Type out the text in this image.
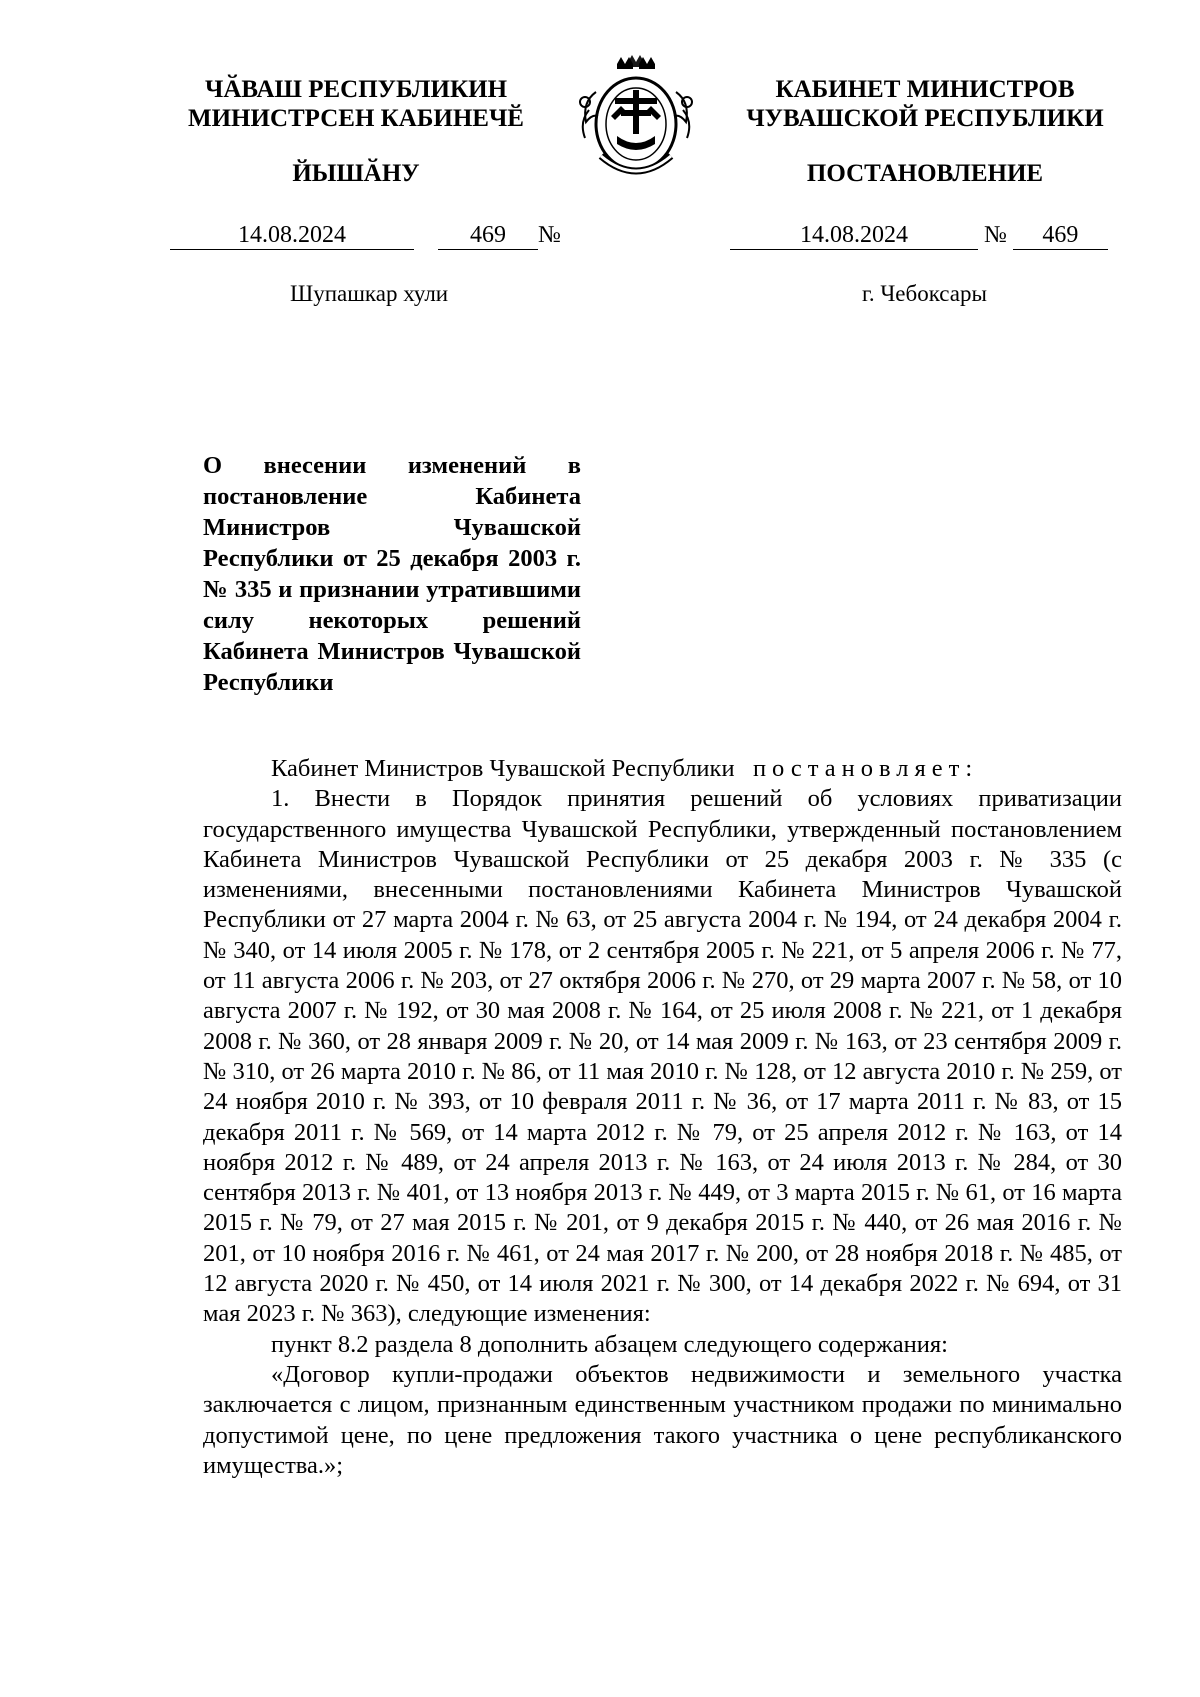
ЧӐВАШ РЕСПУБЛИКИН
МИНИСТРСЕН КАБИНЕЧӖ
ЙЫШӐНУ
КАБИНЕТ МИНИСТРОВ
ЧУВАШСКОЙ РЕСПУБЛИКИ
ПОСТАНОВЛЕНИЕ
14.08.2024	469 №	14.08.2024	№ 469
Шупашкар хули	г. Чебоксары
О внесении изменений в постановление Кабинета Министров Чувашской Республики от 25 декабря 2003 г. № 335 и признании утратившими силу некоторых решений Кабинета Министров Чувашской Республики

Кабинет Министров Чувашской Республики постановляет:

1. Внести в Порядок принятия решений об условиях приватизации государственного имущества Чувашской Республики, утвержденный постановлением Кабинета Министров Чувашской Республики от 25 декабря 2003 г. № 335 (с изменениями, внесенными постановлениями Кабинета Министров Чувашской Республики от 27 марта 2004 г. № 63, от 25 августа 2004 г. № 194, от 24 декабря 2004 г. № 340, от 14 июля 2005 г. № 178, от 2 сентября 2005 г. № 221, от 5 апреля 2006 г. № 77, от 11 августа 2006 г. № 203, от 27 октября 2006 г. № 270, от 29 марта 2007 г. № 58, от 10 августа 2007 г. № 192, от 30 мая 2008 г. № 164, от 25 июля 2008 г. № 221, от 1 декабря 2008 г. № 360, от 28 января 2009 г. № 20, от 14 мая 2009 г. № 163, от 23 сентября 2009 г. № 310, от 26 марта 2010 г. № 86, от 11 мая 2010 г. № 128, от 12 августа 2010 г. № 259, от 24 ноября 2010 г. № 393, от 10 февраля 2011 г. № 36, от 17 марта 2011 г. № 83, от 15 декабря 2011 г. № 569, от 14 марта 2012 г. № 79, от 25 апреля 2012 г. № 163, от 14 ноября 2012 г. № 489, от 24 апреля 2013 г. № 163, от 24 июля 2013 г. № 284, от 30 сентября 2013 г. № 401, от 13 ноября 2013 г. № 449, от 3 марта 2015 г. № 61, от 16 марта 2015 г. № 79, от 27 мая 2015 г. № 201, от 9 декабря 2015 г. № 440, от 26 мая 2016 г. № 201, от 10 ноября 2016 г. № 461, от 24 мая 2017 г. № 200, от 28 ноября 2018 г. № 485, от 12 августа 2020 г. № 450, от 14 июля 2021 г. № 300, от 14 декабря 2022 г. № 694, от 31 мая 2023 г. № 363), следующие изменения:

пункт 8.2 раздела 8 дополнить абзацем следующего содержания:

«Договор купли-продажи объектов недвижимости и земельного участка заключается с лицом, признанным единственным участником продажи по минимально допустимой цене, по цене предложения такого участника о цене республиканского имущества.»;
